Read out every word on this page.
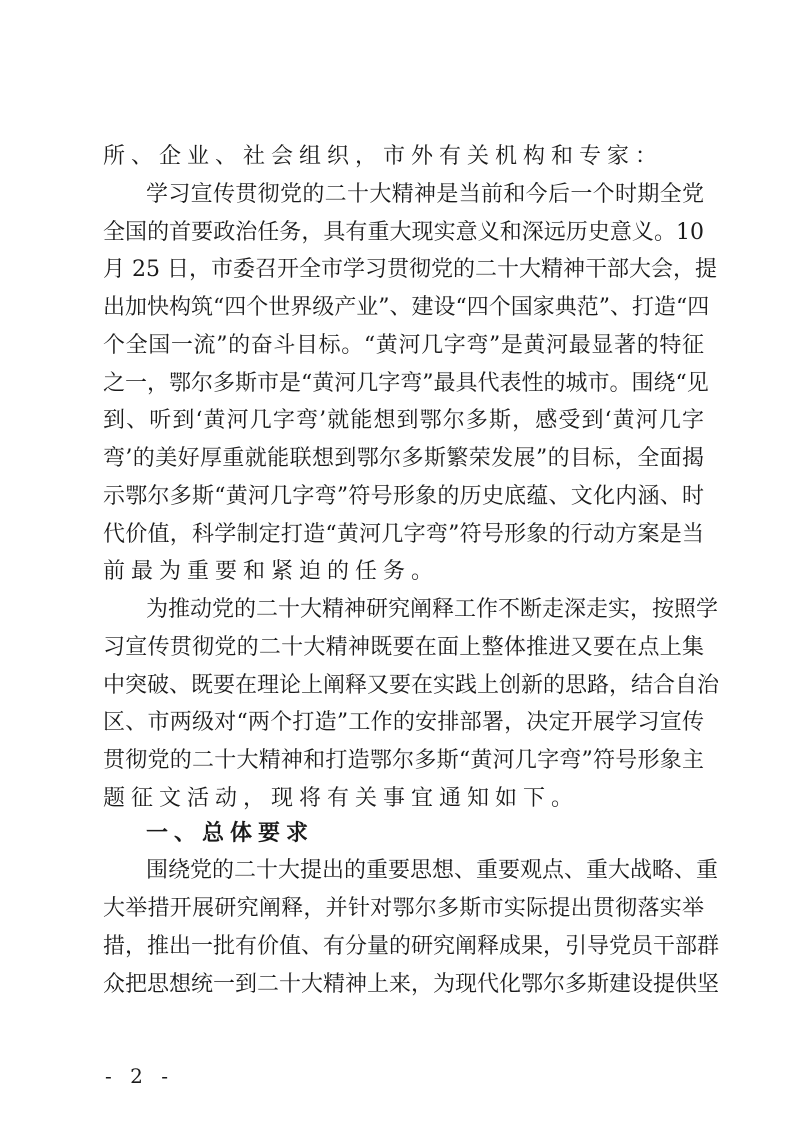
所、企业、社会组织，市外有关机构和专家：
学习宣传贯彻党的二十大精神是当前和今后一个时期全党
全国的首要政治任务，具有重大现实意义和深远历史意义。10
月 25 日，市委召开全市学习贯彻党的二十大精神干部大会，提
出加快构筑“四个世界级产业”、建设“四个国家典范”、打造“四
个全国一流”的奋斗目标。“黄河几字弯”是黄河最显著的特征
之一，鄂尔多斯市是“黄河几字弯”最具代表性的城市。围绕“见
到、听到‘黄河几字弯’就能想到鄂尔多斯，感受到‘黄河几字
弯’的美好厚重就能联想到鄂尔多斯繁荣发展”的目标，全面揭
示鄂尔多斯“黄河几字弯”符号形象的历史底蕴、文化内涵、时
代价值，科学制定打造“黄河几字弯”符号形象的行动方案是当
前最为重要和紧迫的任务。
为推动党的二十大精神研究阐释工作不断走深走实，按照学
习宣传贯彻党的二十大精神既要在面上整体推进又要在点上集
中突破、既要在理论上阐释又要在实践上创新的思路，结合自治
区、市两级对“两个打造”工作的安排部署，决定开展学习宣传
贯彻党的二十大精神和打造鄂尔多斯“黄河几字弯”符号形象主
题征文活动，现将有关事宜通知如下。
一、总体要求
围绕党的二十大提出的重要思想、重要观点、重大战略、重
大举措开展研究阐释，并针对鄂尔多斯市实际提出贯彻落实举
措，推出一批有价值、有分量的研究阐释成果，引导党员干部群
众把思想统一到二十大精神上来，为现代化鄂尔多斯建设提供坚
- 2 -
